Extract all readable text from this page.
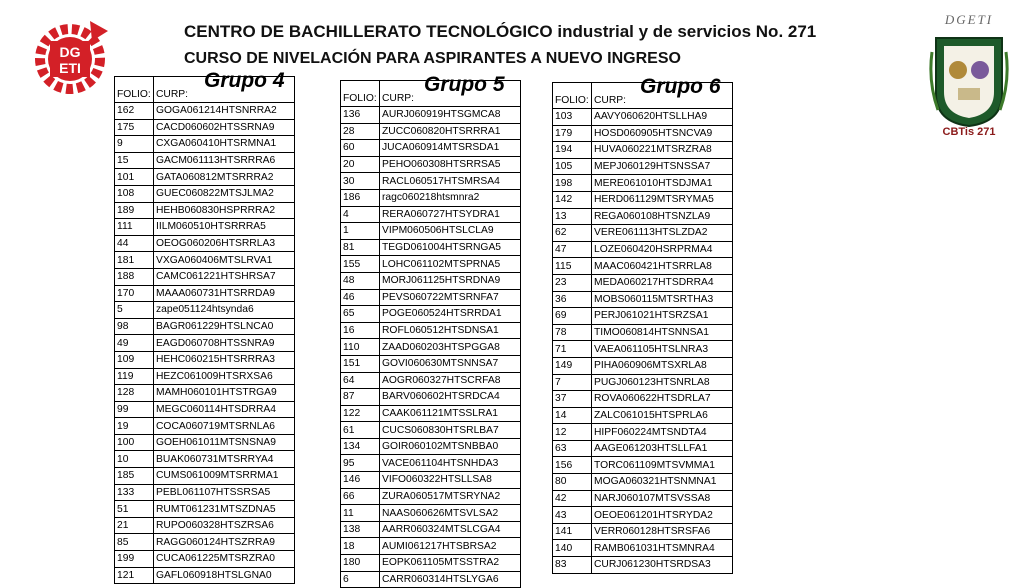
DG
ETI
CENTRO DE BACHILLERATO TECNOLÓGICO industrial y de servicios No. 271
CURSO DE NIVELACIÓN PARA ASPIRANTES A NUEVO INGRESO
DGETI
CBTis 271
FOLIO:	CURP:
Grupo 4

162	GOGA061214HTSNRRA2
175	CACD060602HTSSRNA9
9	CXGA060410HTSRMNA1
15	GACM061113HTSRRRA6
101	GATA060812MTSRRRA2
108	GUEC060822MTSJLMA2
189	HEHB060830HSPRRRA2
111	IILM060510HTSRRRA5
44	OEOG060206HTSRRLA3
181	VXGA060406MTSLRVA1
188	CAMC061221HTSHRSA7
170	MAAA060731HTSRRDA9
5	zape051124htsynda6
98	BAGR061229HTSLNCA0
49	EAGD060708HTSSNRA9
109	HEHC060215HTSRRRA3
119	HEZC061009HTSRXSA6
128	MAMH060101HTSTRGA9
99	MEGC060114HTSDRRA4
19	COCA060719MTSRNLA6
100	GOEH061011MTSNSNA9
10	BUAK060731MTSRRYA4
185	CUMS061009MTSRRMA1
133	PEBL061107HTSSRSA5
51	RUMT061231MTSZDNA5
21	RUPO060328HTSZRSA6
85	RAGG060124HTSZRRA9
199	CUCA061225MTSRZRA0
121	GAFL060918HTSLGNA0
FOLIO:	CURP:
Grupo 5

136	AURJ060919HTSGMCA8
28	ZUCC060820HTSRRRA1
60	JUCA060914MTSRSDA1
20	PEHO060308HTSRRSA5
30	RACL060517HTSMRSA4
186	ragc060218htsmnra2
4	RERA060727HTSYDRA1
1	VIPM060506HTSLCLA9
81	TEGD061004HTSRNGA5
155	LOHC061102MTSPRNA5
48	MORJ061125HTSRDNA9
46	PEVS060722MTSRNFA7
65	POGE060524HTSRRDA1
16	ROFL060512HTSDNSA1
110	ZAAD060203HTSPGGA8
151	GOVI060630MTSNNSA7
64	AOGR060327HTSCRFA8
87	BARV060602HTSRDCA4
122	CAAK061121MTSSLRA1
61	CUCS060830HTSRLBA7
134	GOIR060102MTSNBBA0
95	VACE061104HTSNHDA3
146	VIFO060322HTSLLSA8
66	ZURA060517MTSRYNA2
11	NAAS060626MTSVLSA2
138	AARR060324MTSLCGA4
18	AUMI061217HTSBRSA2
180	EOPK061105MTSSTRA2
6	CARR060314HTSLYGA6
FOLIO:	CURP:
Grupo 6

103	AAVY060620HTSLLHA9
179	HOSD060905HTSNCVA9
194	HUVA060221MTSRZRA8
105	MEPJ060129HTSNSSA7
198	MERE061010HTSDJMA1
142	HERD061129MTSRYMA5
13	REGA060108HTSNZLA9
62	VERE061113HTSLZDA2
47	LOZE060420HSRPRMA4
115	MAAC060421HTSRRLA8
23	MEDA060217HTSDRRA4
36	MOBS060115MTSRTHA3
69	PERJ061021HTSRZSA1
78	TIMO060814HTSNNSA1
71	VAEA061105HTSLNRA3
149	PIHA060906MTSXRLA8
7	PUGJ060123HTSNRLA8
37	ROVA060622HTSDRLA7
14	ZALC061015HTSPRLA6
12	HIPF060224MTSNDTA4
63	AAGE061203HTSLLFA1
156	TORC061109MTSVMMA1
80	MOGA060321HTSNMNA1
42	NARJ060107MTSVSSA8
43	OEOE061201HTSRYDA2
141	VERR060128HTSRSFA6
140	RAMB061031HTSMNRA4
83	CURJ061230HTSRDSA3
